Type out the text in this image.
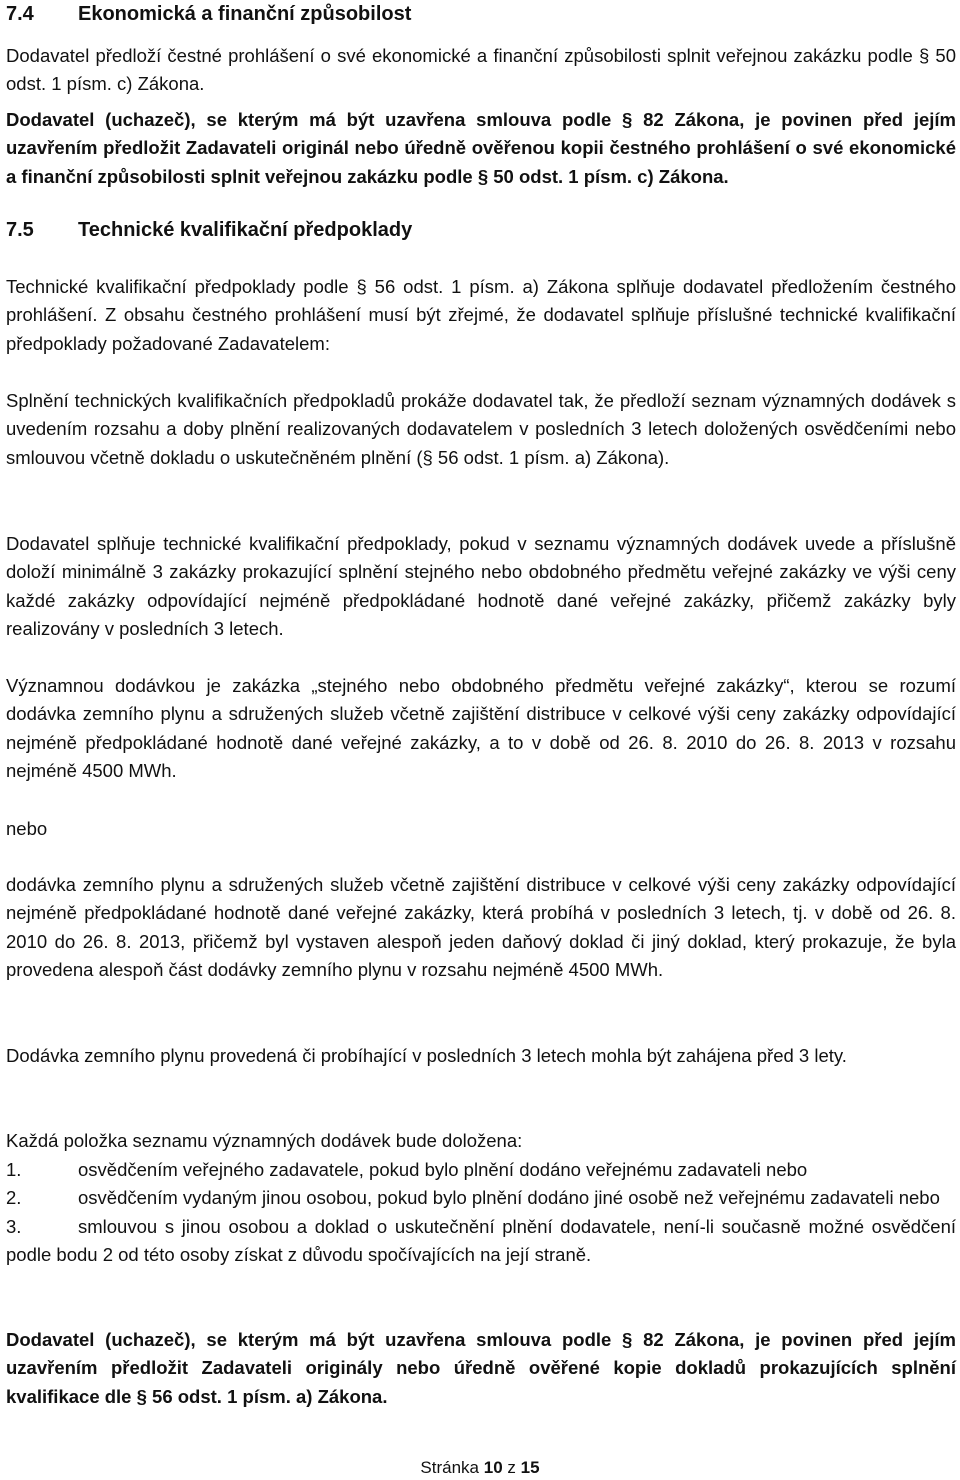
7.4 Ekonomická a finanční způsobilost

Dodavatel předloží čestné prohlášení o své ekonomické a finanční způsobilosti splnit veřejnou zakázku podle § 50 odst. 1 písm. c) Zákona.

Dodavatel (uchazeč), se kterým má být uzavřena smlouva podle § 82 Zákona, je povinen před jejím uzavřením předložit Zadavateli originál nebo úředně ověřenou kopii čestného prohlášení o své ekonomické a finanční způsobilosti splnit veřejnou zakázku podle § 50 odst. 1 písm. c) Zákona.

7.5 Technické kvalifikační předpoklady

Technické kvalifikační předpoklady podle § 56 odst. 1 písm. a) Zákona splňuje dodavatel předložením čestného prohlášení. Z obsahu čestného prohlášení musí být zřejmé, že dodavatel splňuje příslušné technické kvalifikační předpoklady požadované Zadavatelem:

Splnění technických kvalifikačních předpokladů prokáže dodavatel tak, že předloží seznam významných dodávek s uvedením rozsahu a doby plnění realizovaných dodavatelem v posledních 3 letech doložených osvědčeními nebo smlouvou včetně dokladu o uskutečněném plnění (§ 56 odst. 1 písm. a) Zákona).

Dodavatel splňuje technické kvalifikační předpoklady, pokud v seznamu významných dodávek uvede a příslušně doloží minimálně 3 zakázky prokazující splnění stejného nebo obdobného předmětu veřejné zakázky ve výši ceny každé zakázky odpovídající nejméně předpokládané hodnotě dané veřejné zakázky, přičemž zakázky byly realizovány v posledních 3 letech.

Významnou dodávkou je zakázka „stejného nebo obdobného předmětu veřejné zakázky“, kterou se rozumí dodávka zemního plynu a sdružených služeb včetně zajištění distribuce v celkové výši ceny zakázky odpovídající nejméně předpokládané hodnotě dané veřejné zakázky, a to v době od 26. 8. 2010 do 26. 8. 2013 v rozsahu nejméně 4500 MWh.

nebo

dodávka zemního plynu a sdružených služeb včetně zajištění distribuce v celkové výši ceny zakázky odpovídající nejméně předpokládané hodnotě dané veřejné zakázky, která probíhá v posledních 3 letech, tj. v době od 26. 8. 2010 do 26. 8. 2013, přičemž byl vystaven alespoň jeden daňový doklad či jiný doklad, který prokazuje, že byla provedena alespoň část dodávky zemního plynu v rozsahu nejméně 4500 MWh.

Dodávka zemního plynu provedená či probíhající v posledních 3 letech mohla být zahájena před 3 lety.

Každá položka seznamu významných dodávek bude doložena:

1.	osvědčením veřejného zadavatele, pokud bylo plnění dodáno veřejnému zadavateli nebo

2.	osvědčením vydaným jinou osobou, pokud bylo plnění dodáno jiné osobě než veřejnému zadavateli nebo

3.	smlouvou s jinou osobou a doklad o uskutečnění plnění dodavatele, není-li současně možné osvědčení podle bodu 2 od této osoby získat z důvodu spočívajících na její straně.

Dodavatel (uchazeč), se kterým má být uzavřena smlouva podle § 82 Zákona, je povinen před jejím uzavřením předložit Zadavateli originály nebo úředně ověřené kopie dokladů prokazujících splnění kvalifikace dle § 56 odst. 1 písm. a) Zákona.

Stránka 10 z 15
